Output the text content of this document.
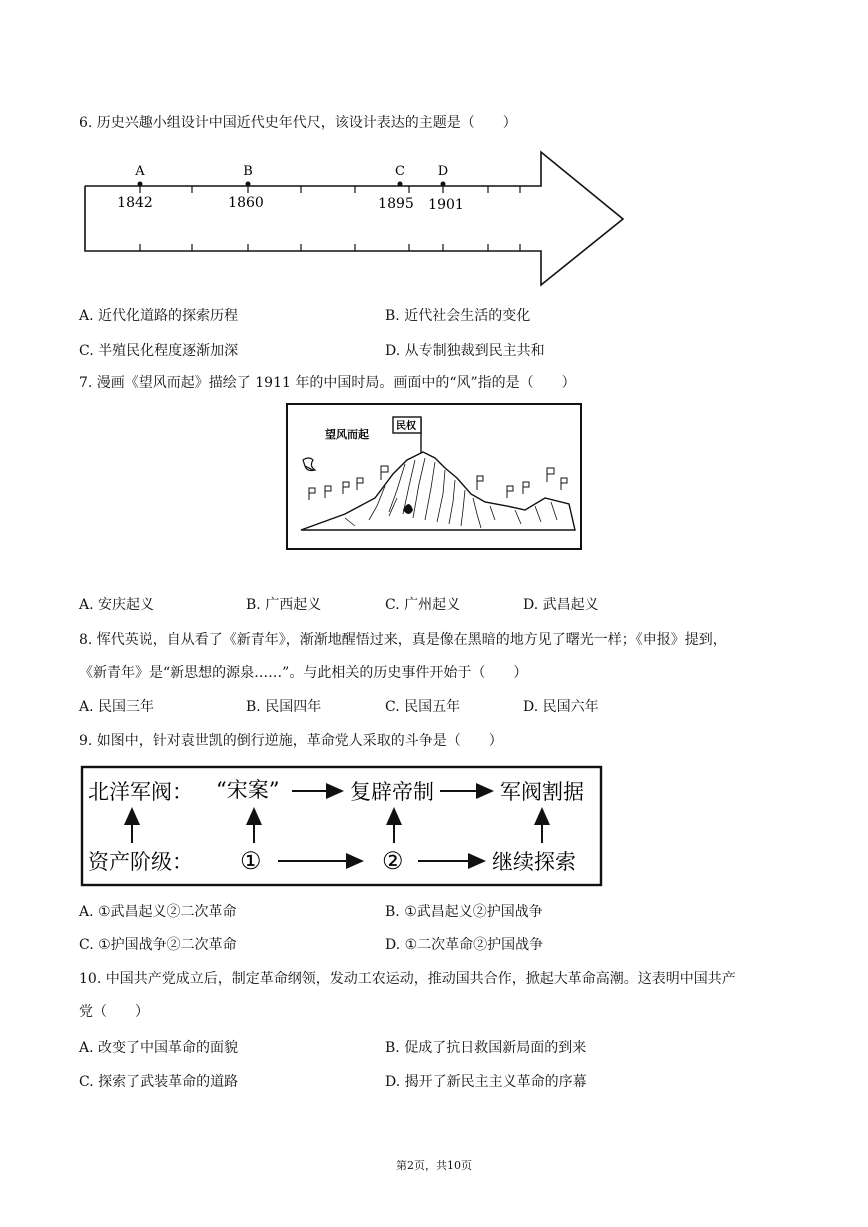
6. 历史兴趣小组设计中国近代史年代尺，该设计表达的主题是（　　）
A
1842
B
1860
C
1895
D
1901
A. 近代化道路的探索历程	B. 近代社会生活的变化
C. 半殖民化程度逐渐加深	D. 从专制独裁到民主共和
7. 漫画《望风而起》描绘了 1911 年的中国时局。画面中的“风”指的是（　　）
望风而起
民权
A. 安庆起义	B. 广西起义	C. 广州起义	D. 武昌起义
8. 恽代英说，自从看了《新青年》，渐渐地醒悟过来，真是像在黑暗的地方见了曙光一样；《申报》提到，
《新青年》是“新思想的源泉……”。与此相关的历史事件开始于（　　）
A. 民国三年	B. 民国四年	C. 民国五年	D. 民国六年
9. 如图中，针对袁世凯的倒行逆施，革命党人采取的斗争是（　　）
北洋军阀： “宋案”	复辟帝制	军阀割据
资产阶级： ①	②	继续探索
A. ①武昌起义②二次革命	B. ①武昌起义②护国战争
C. ①护国战争②二次革命	D. ①二次革命②护国战争
10. 中国共产党成立后，制定革命纲领，发动工农运动，推动国共合作，掀起大革命高潮。这表明中国共产
党（　　）
A. 改变了中国革命的面貌	B. 促成了抗日救国新局面的到来
C. 探索了武装革命的道路	D. 揭开了新民主主义革命的序幕
第2页，共10页
